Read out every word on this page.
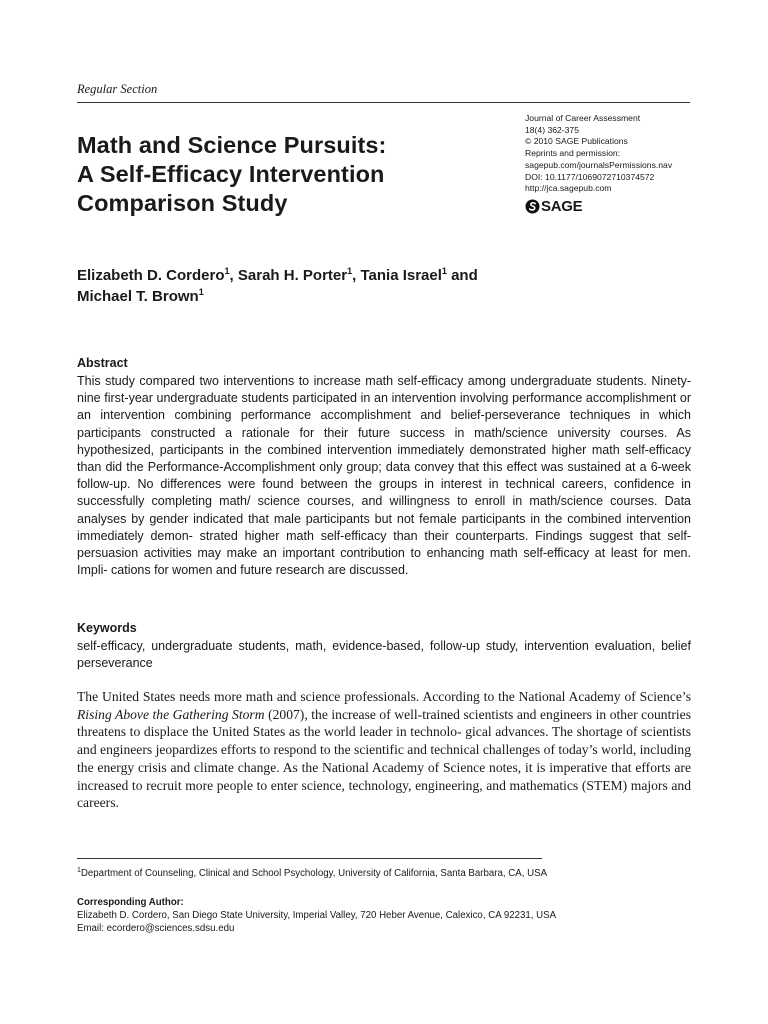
Regular Section
Math and Science Pursuits:
A Self-Efficacy Intervention
Comparison Study
Journal of Career Assessment
18(4) 362-375
© 2010 SAGE Publications
Reprints and permission:
sagepub.com/journalsPermissions.nav
DOI: 10.1177/1069072710374572
http://jca.sagepub.com
SAGE
Elizabeth D. Cordero$^1$, Sarah H. Porter$^1$, Tania Israel$^1$ and
Michael T. Brown$^1$
Abstract
This study compared two interventions to increase math self-efficacy among undergraduate students. Ninety-nine first-year undergraduate students participated in an intervention involving performance accomplishment or an intervention combining performance accomplishment and belief-perseverance techniques in which participants constructed a rationale for their future success in math/science university courses. As hypothesized, participants in the combined intervention immediately demonstrated higher math self-efficacy than did the Performance-Accomplishment only group; data convey that this effect was sustained at a 6-week follow-up. No differences were found between the groups in interest in technical careers, confidence in successfully completing math/ science courses, and willingness to enroll in math/science courses. Data analyses by gender indicated that male participants but not female participants in the combined intervention immediately demon- strated higher math self-efficacy than their counterparts. Findings suggest that self-persuasion activities may make an important contribution to enhancing math self-efficacy at least for men. Impli- cations for women and future research are discussed.
Keywords
self-efficacy, undergraduate students, math, evidence-based, follow-up study, intervention evaluation, belief perseverance
The United States needs more math and science professionals. According to the National Academy of Science’s Rising Above the Gathering Storm (2007), the increase of well-trained scientists and engineers in other countries threatens to displace the United States as the world leader in technolo- gical advances. The shortage of scientists and engineers jeopardizes efforts to respond to the scientific and technical challenges of today’s world, including the energy crisis and climate change. As the National Academy of Science notes, it is imperative that efforts are increased to recruit more people to enter science, technology, engineering, and mathematics (STEM) majors and careers.
$^1$Department of Counseling, Clinical and School Psychology, University of California, Santa Barbara, CA, USA
Corresponding Author:
Elizabeth D. Cordero, San Diego State University, Imperial Valley, 720 Heber Avenue, Calexico, CA 92231, USA
Email: ecordero@sciences.sdsu.edu
